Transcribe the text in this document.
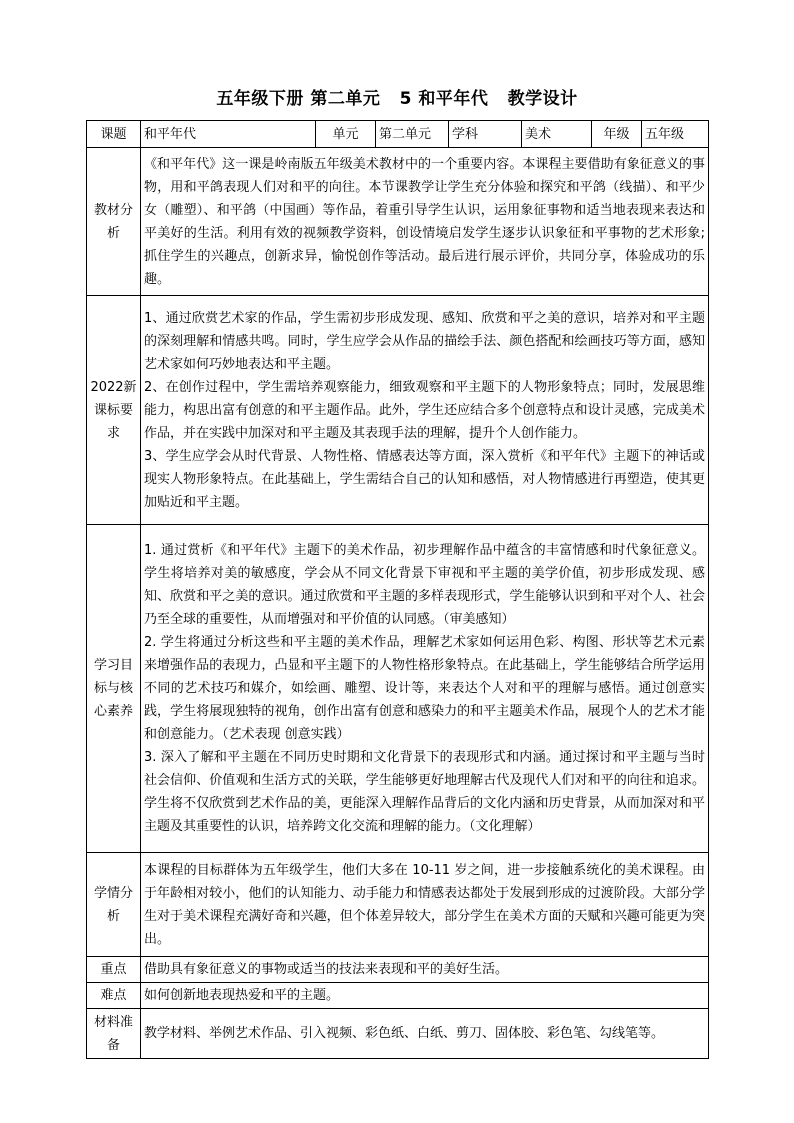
五年级下册 第二单元   5 和平年代   教学设计
课题	和平年代	单元	第二单元	学科	美术	年级	五年级
教材分析	《和平年代》这一课是岭南版五年级美术教材中的一个重要内容。本课程主要借助有象征意义的事物，用和平鸽表现人们对和平的向往。本节课教学让学生充分体验和探究和平鸽（线描）、和平少女（雕塑）、和平鸽（中国画）等作品，着重引导学生认识，运用象征事物和适当地表现来表达和平美好的生活。利用有效的视频教学资料，创设情境启发学生逐步认识象征和平事物的艺术形象;抓住学生的兴趣点，创新求异，愉悦创作等活动。最后进行展示评价，共同分享，体验成功的乐趣。						

2022新课标要求	1、通过欣赏艺术家的作品，学生需初步形成发现、感知、欣赏和平之美的意识，培养对和平主题的深刻理解和情感共鸣。同时，学生应学会从作品的描绘手法、颜色搭配和绘画技巧等方面，感知艺术家如何巧妙地表达和平主题。
2、在创作过程中，学生需培养观察能力，细致观察和平主题下的人物形象特点；同时，发展思维能力，构思出富有创意的和平主题作品。此外，学生还应结合多个创意特点和设计灵感，完成美术作品，并在实践中加深对和平主题及其表现手法的理解，提升个人创作能力。
3、学生应学会从时代背景、人物性格、情感表达等方面，深入赏析《和平年代》主题下的神话或现实人物形象特点。在此基础上，学生需结合自己的认知和感悟，对人物情感进行再塑造，使其更加贴近和平主题。						

学习目标与核心素养	1. 通过赏析《和平年代》主题下的美术作品，初步理解作品中蕴含的丰富情感和时代象征意义。学生将培养对美的敏感度，学会从不同文化背景下审视和平主题的美学价值，初步形成发现、感知、欣赏和平之美的意识。通过欣赏和平主题的多样表现形式，学生能够认识到和平对个人、社会乃至全球的重要性，从而增强对和平价值的认同感。（审美感知）
2. 学生将通过分析这些和平主题的美术作品，理解艺术家如何运用色彩、构图、形状等艺术元素来增强作品的表现力，凸显和平主题下的人物性格形象特点。在此基础上，学生能够结合所学运用不同的艺术技巧和媒介，如绘画、雕塑、设计等，来表达个人对和平的理解与感悟。通过创意实践，学生将展现独特的视角，创作出富有创意和感染力的和平主题美术作品，展现个人的艺术才能和创意能力。（艺术表现 创意实践）
3. 深入了解和平主题在不同历史时期和文化背景下的表现形式和内涵。通过探讨和平主题与当时社会信仰、价值观和生活方式的关联，学生能够更好地理解古代及现代人们对和平的向往和追求。学生将不仅欣赏到艺术作品的美，更能深入理解作品背后的文化内涵和历史背景，从而加深对和平主题及其重要性的认识，培养跨文化交流和理解的能力。（文化理解）						

学情分析	本课程的目标群体为五年级学生，他们大多在 10-11 岁之间，进一步接触系统化的美术课程。由于年龄相对较小，他们的认知能力、动手能力和情感表达都处于发展到形成的过渡阶段。大部分学生对于美术课程充满好奇和兴趣，但个体差异较大，部分学生在美术方面的天赋和兴趣可能更为突出。						

重点	借助具有象征意义的事物或适当的技法来表现和平的美好生活。						
难点	如何创新地表现热爱和平的主题。						
材料准备	教学材料、举例艺术作品、引入视频、彩色纸、白纸、剪刀、固体胶、彩色笔、勾线笔等。						
